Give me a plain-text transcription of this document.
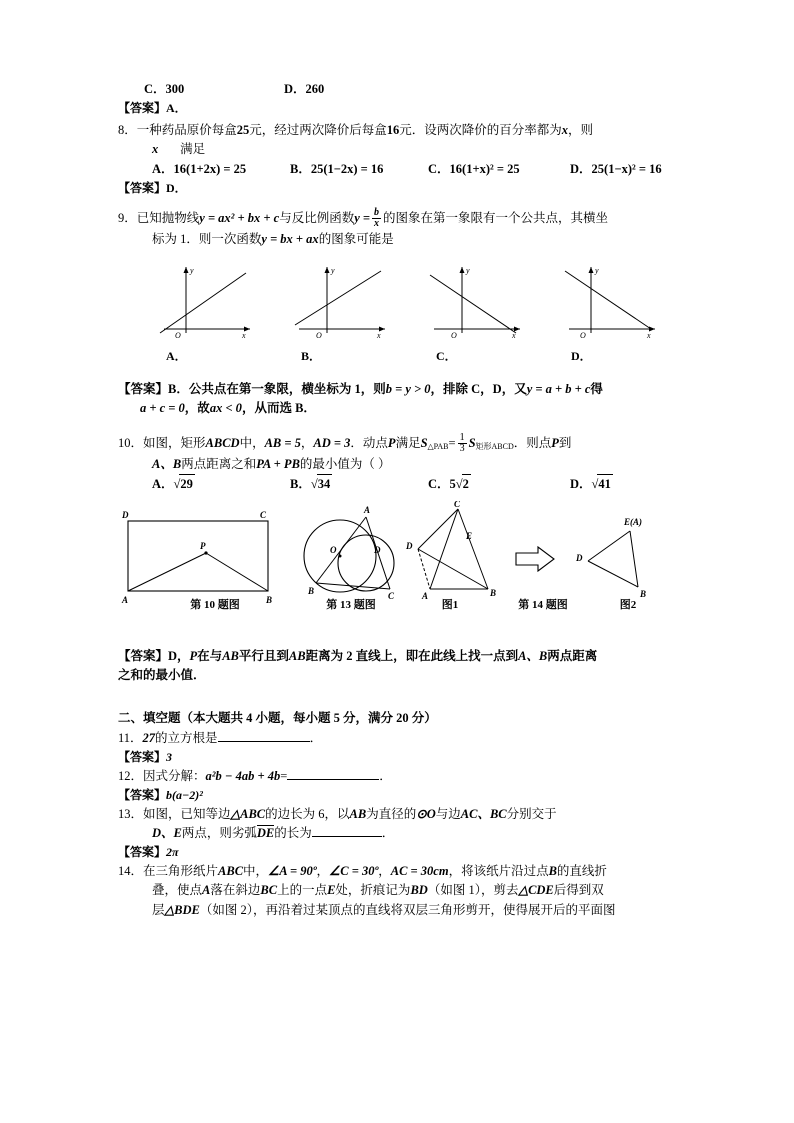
C．300	D．260
【答案】A．
8．一种药品原价每盒25元，经过两次降价后每盒16元．设两次降价的百分率都为x，则
x 满足
A．16(1+2x) = 25	B．25(1−2x) = 16	C．16(1+x)² = 25	D．25(1−x)² = 16
【答案】D．
9．已知抛物线y = ax² + bx + c与反比例函数$y = \frac{b}{x}$ 的图象在第一象限有一个公共点，其横坐
标为 1．则一次函数y = bx + ax的图象可能是
y
x
O
A．
y
x
O
B．
y
x
O
C．
y
x
O
D．
【答案】B．公共点在第一象限，横坐标为 1，则b = y > 0，排除 C，D，又y = a + b + c得
a + c = 0，故ax < 0，从而选 B．
10．如图，矩形ABCD中，AB = 5，AD = 3．动点P满足$S_{\triangle PAB}= \frac{1}{3} S_{矩形ABCD}$．则点P到
A、B两点距离之和PA + PB的最小值为（ ）
A．√29	B．√34	C．5√2	D．√41
D	C
A	B
P	O
A
B	C
D
C
D
E
A	B
D
E(A)
B
第 10 题图	第 13 题图	图1	第 14 题图	图2
【答案】D，P在与AB平行且到AB距离为 2 直线上，即在此线上找一点到A、B两点距离
之和的最小值．
二、填空题（本大题共 4 小题，每小题 5 分，满分 20 分）
11．27的立方根是	．
【答案】3
12．因式分解：a²b − 4ab + 4b=	．
【答案】b(a−2)²
13．如图，已知等边△ABC的边长为 6，以AB为直径的⊙O与边AC、BC分别交于
D、E两点，则劣弧DE的长为	．
【答案】2π
14．在三角形纸片ABC中，∠A = 90º，∠C = 30º，AC = 30cm，将该纸片沿过点B的直线折
叠，使点A落在斜边BC上的一点E处，折痕记为BD（如图 1），剪去△CDE后得到双
层△BDE（如图 2），再沿着过某顶点的直线将双层三角形剪开，使得展开后的平面图
